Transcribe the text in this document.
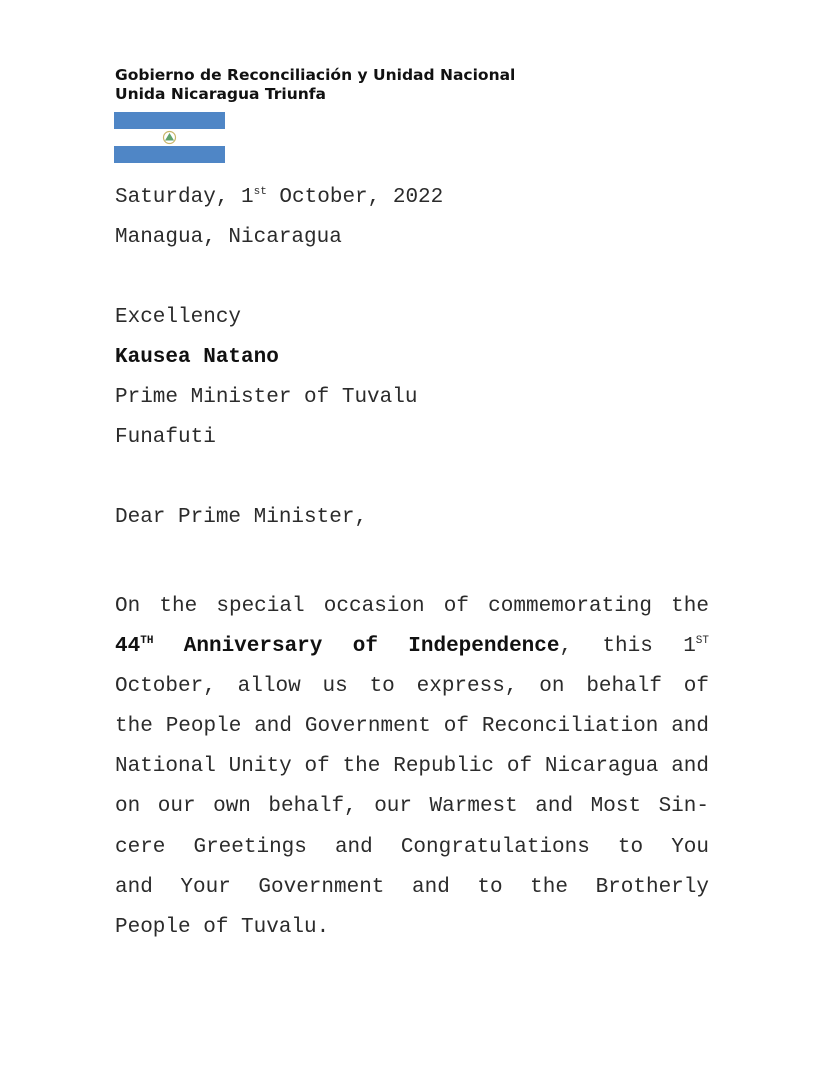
Gobierno de Reconciliación y Unidad Nacional
Unida Nicaragua Triunfa
Saturday, 1st October, 2022
Managua, Nicaragua
Excellency
Kausea Natano
Prime Minister of Tuvalu
Funafuti
Dear Prime Minister,
On the special occasion of commemorating the
44TH Anniversary of Independence, this 1ST
October, allow us to express, on behalf of
the People and Government of Reconciliation and
National Unity of the Republic of Nicaragua and
on our own behalf, our Warmest and Most Sin-
cere Greetings and Congratulations to You
and Your Government and to the Brotherly
People of Tuvalu.
